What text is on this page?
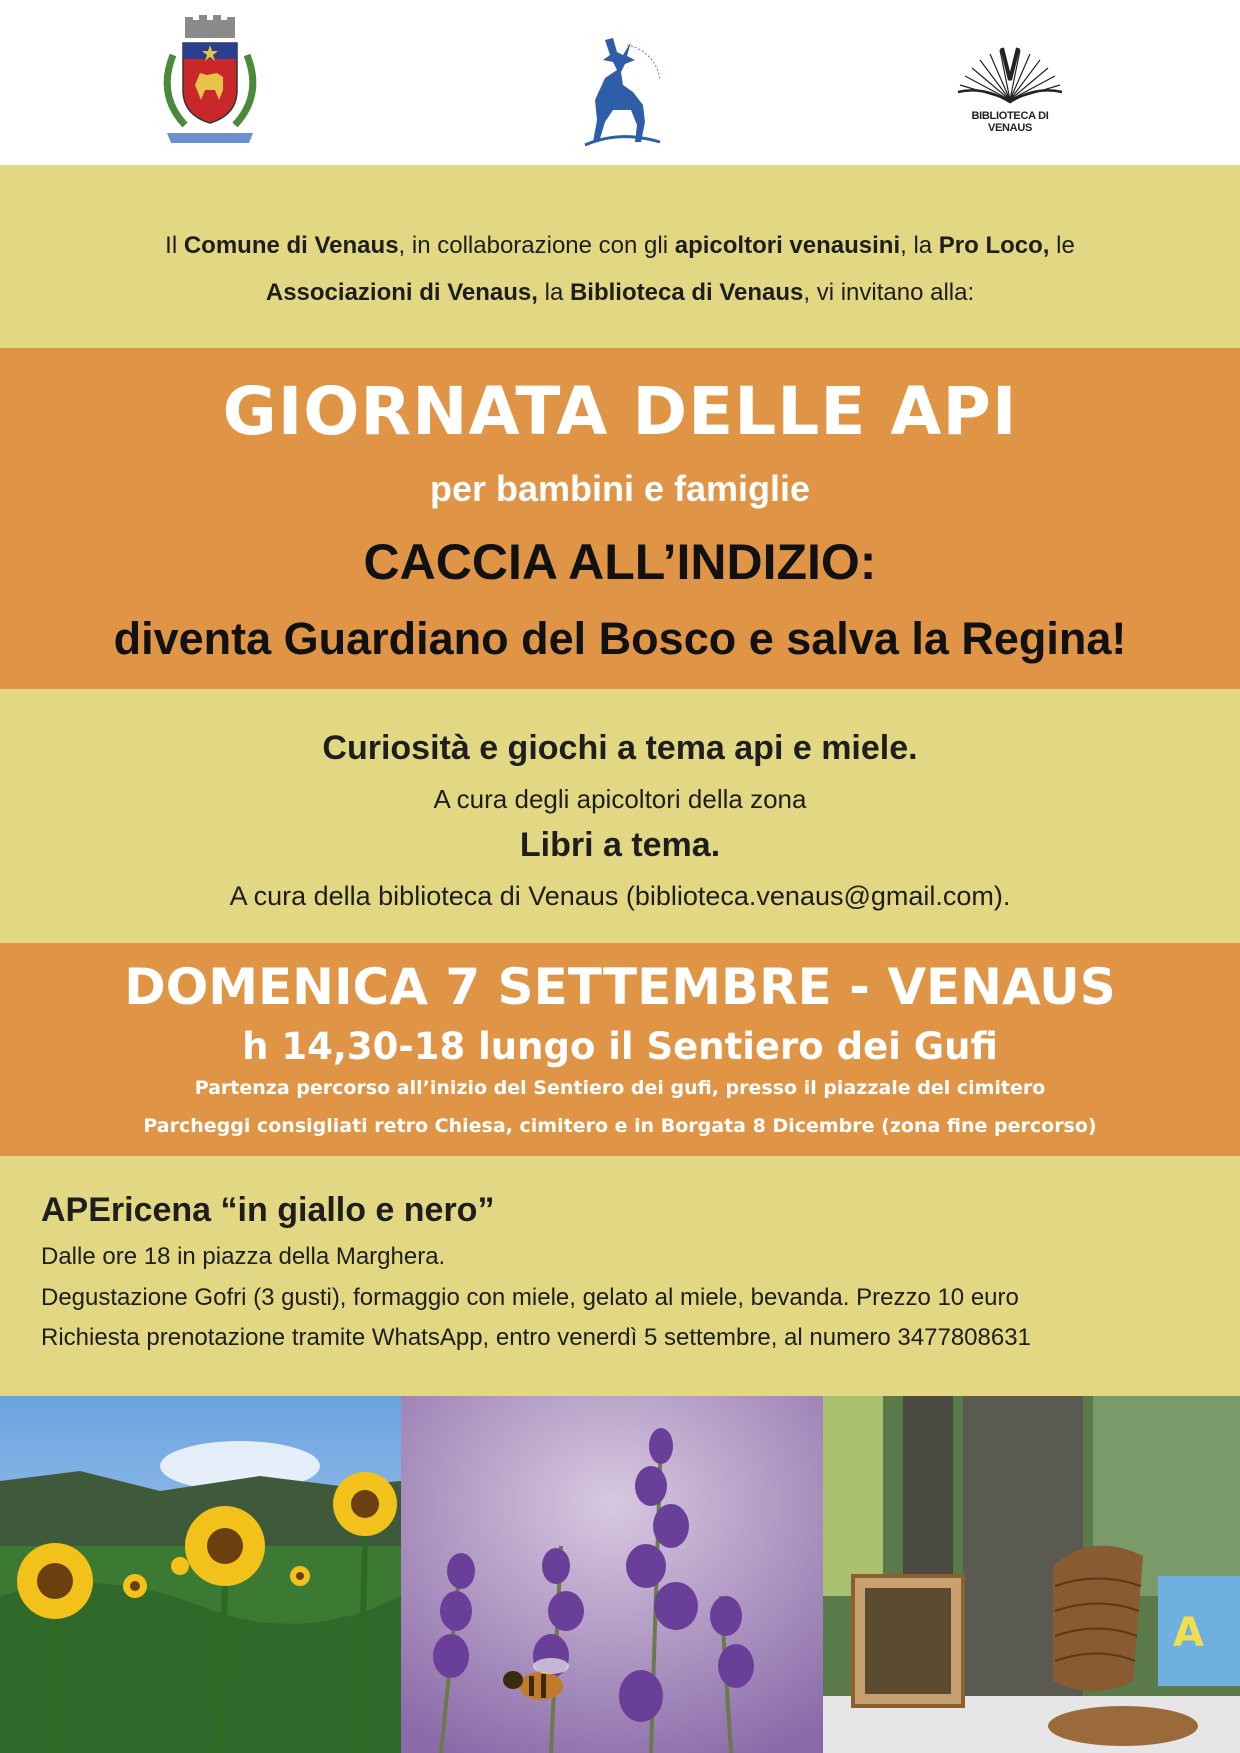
BIBLIOTECA DI VENAUS
Il Comune di Venaus, in collaborazione con gli apicoltori venausini, la Pro Loco, le
Associazioni di Venaus, la Biblioteca di Venaus, vi invitano alla:
GIORNATA DELLE API
per bambini e famiglie
CACCIA ALL’INDIZIO:
diventa Guardiano del Bosco e salva la Regina!
Curiosità e giochi a tema api e miele.
A cura degli apicoltori della zona
Libri a tema.
A cura della biblioteca di Venaus (biblioteca.venaus@gmail.com).
DOMENICA 7 SETTEMBRE - VENAUS
h 14,30-18 lungo il Sentiero dei Gufi
Partenza percorso all’inizio del Sentiero dei gufi, presso il piazzale del cimitero
Parcheggi consigliati retro Chiesa, cimitero e in Borgata 8 Dicembre (zona fine percorso)
APEricena “in giallo e nero”
Dalle ore 18 in piazza della Marghera.
Degustazione Gofri (3 gusti), formaggio con miele, gelato al miele, bevanda. Prezzo 10 euro
Richiesta prenotazione tramite WhatsApp, entro venerdì 5 settembre, al numero 3477808631
A
